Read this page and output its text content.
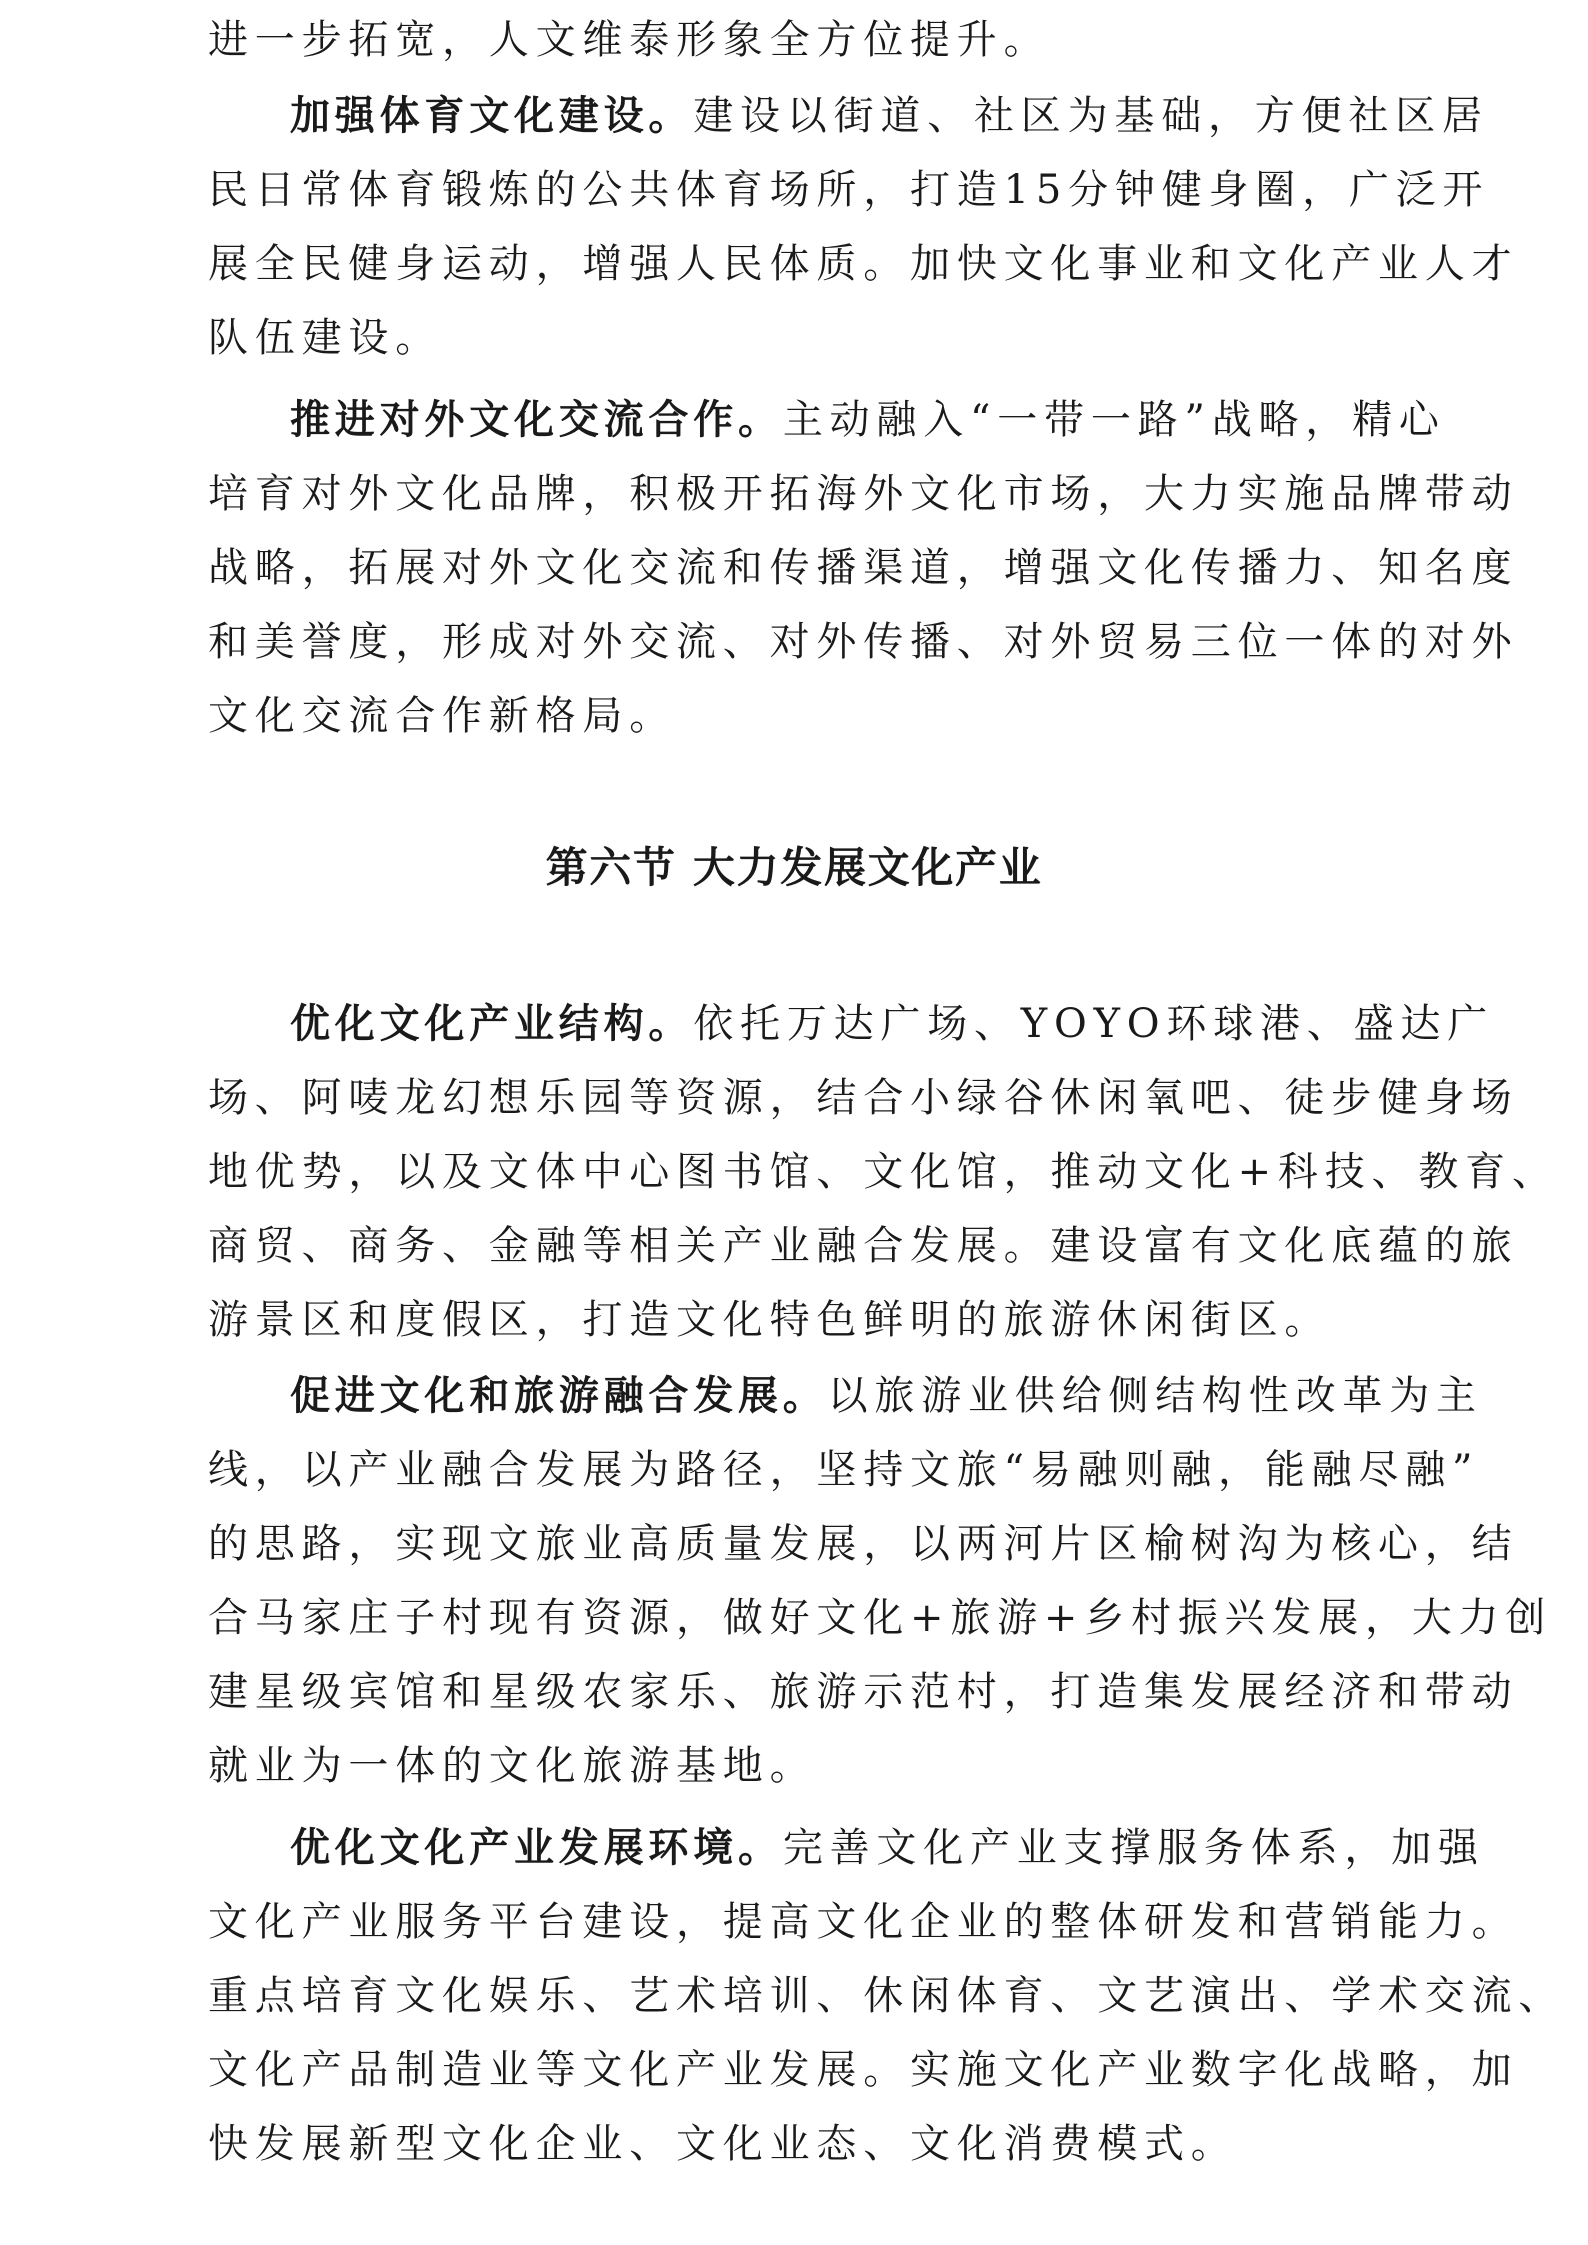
进一步拓宽，人文维泰形象全方位提升。
加强体育文化建设。建设以街道、社区为基础，方便社区居
民日常体育锻炼的公共体育场所，打造15分钟健身圈，广泛开
展全民健身运动，增强人民体质。加快文化事业和文化产业人才
队伍建设。
推进对外文化交流合作。主动融入“一带一路”战略，精心
培育对外文化品牌，积极开拓海外文化市场，大力实施品牌带动
战略，拓展对外文化交流和传播渠道，增强文化传播力、知名度
和美誉度，形成对外交流、对外传播、对外贸易三位一体的对外
文化交流合作新格局。
第六节 大力发展文化产业
优化文化产业结构。依托万达广场、YOYO环球港、盛达广
场、阿唛龙幻想乐园等资源，结合小绿谷休闲氧吧、徒步健身场
地优势，以及文体中心图书馆、文化馆，推动文化+科技、教育、
商贸、商务、金融等相关产业融合发展。建设富有文化底蕴的旅
游景区和度假区，打造文化特色鲜明的旅游休闲街区。
促进文化和旅游融合发展。以旅游业供给侧结构性改革为主
线，以产业融合发展为路径，坚持文旅“易融则融，能融尽融”
的思路，实现文旅业高质量发展，以两河片区榆树沟为核心，结
合马家庄子村现有资源，做好文化+旅游+乡村振兴发展，大力创
建星级宾馆和星级农家乐、旅游示范村，打造集发展经济和带动
就业为一体的文化旅游基地。
优化文化产业发展环境。完善文化产业支撑服务体系，加强
文化产业服务平台建设，提高文化企业的整体研发和营销能力。
重点培育文化娱乐、艺术培训、休闲体育、文艺演出、学术交流、
文化产品制造业等文化产业发展。实施文化产业数字化战略，加
快发展新型文化企业、文化业态、文化消费模式。
